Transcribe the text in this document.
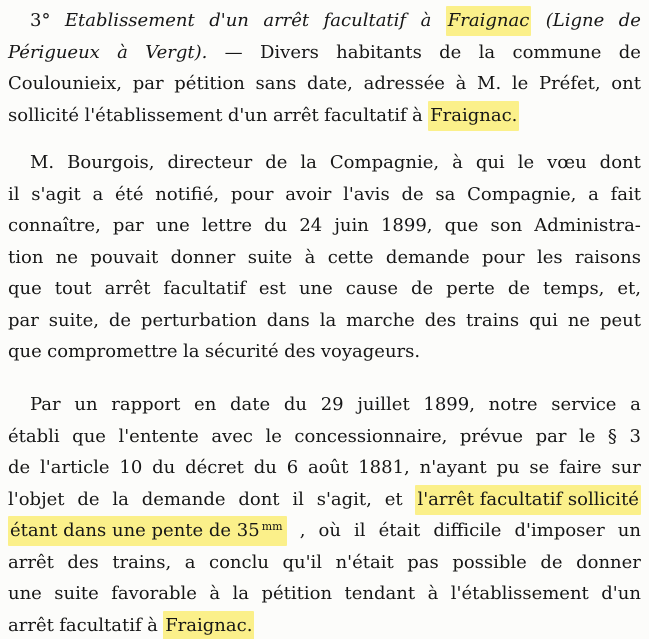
3° Etablissement d'un arrêt facultatif à Fraignac (Ligne de
Périgueux à Vergt). — Divers habitants de la commune de
Coulounieix, par pétition sans date, adressée à M. le Préfet, ont
sollicité l'établissement d'un arrêt facultatif à Fraignac.
M. Bourgois, directeur de la Compagnie, à qui le vœu dont
il s'agit a été notifié, pour avoir l'avis de sa Compagnie, a fait
connaître, par une lettre du 24 juin 1899, que son Administra-
tion ne pouvait donner suite à cette demande pour les raisons
que tout arrêt facultatif est une cause de perte de temps, et,
par suite, de perturbation dans la marche des trains qui ne peut
que compromettre la sécurité des voyageurs.
Par un rapport en date du 29 juillet 1899, notre service a
établi que l'entente avec le concessionnaire, prévue par le § 3
de l'article 10 du décret du 6 août 1881, n'ayant pu se faire sur
l'objet de la demande dont il s'agit, et l'arrêt facultatif sollicité
étant dans une pente de 35 $^{mm}$ , où il était difficile d'imposer un
arrêt des trains, a conclu qu'il n'était pas possible de donner
une suite favorable à la pétition tendant à l'établissement d'un
arrêt facultatif à Fraignac.
